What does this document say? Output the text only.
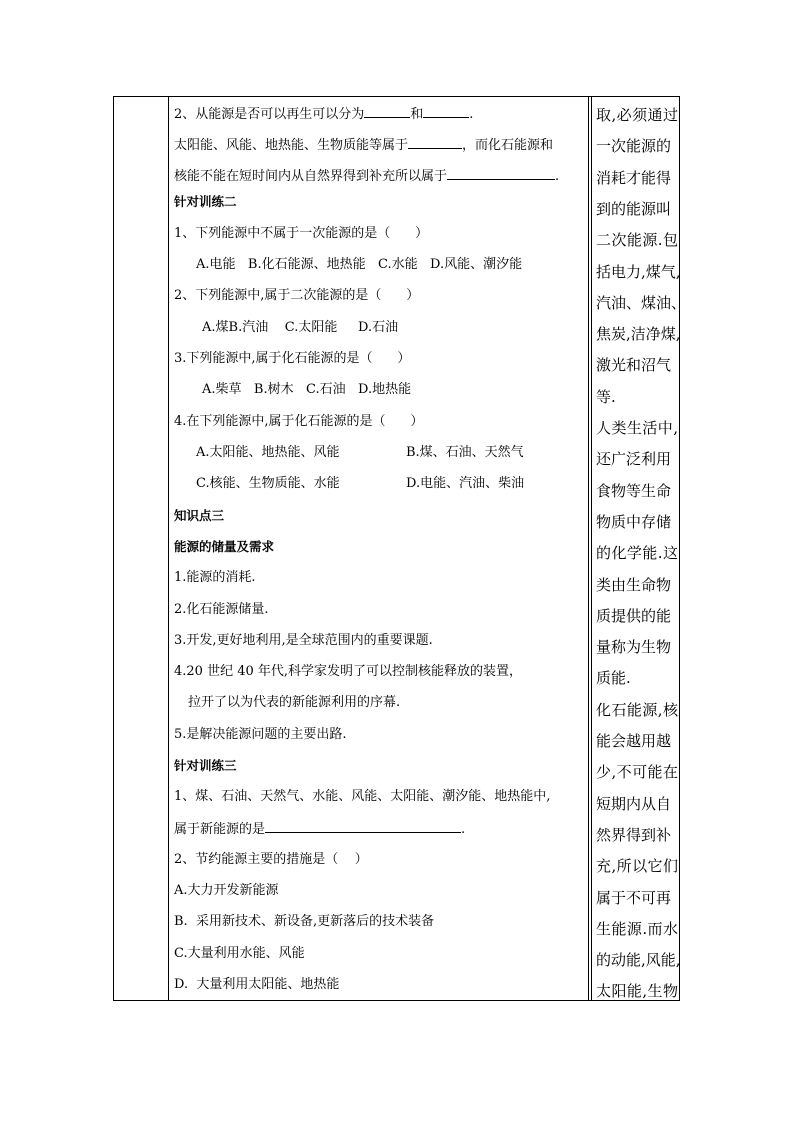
2、从能源是否可以再生可以分为	和	.
太阳能、风能、地热能、生物质能等属于	，而化石能源和
核能不能在短时间内从自然界得到补充所以属于	.
针对训练二
1、下列能源中不属于一次能源的是（      ）
A.电能   B.化石能源、地热能   C.水能   D.风能、潮汐能
2、下列能源中,属于二次能源的是（      ）
A.煤B.汽油    C.太阳能     D.石油
3.下列能源中,属于化石能源的是（      ）
A.柴草   B.树木   C.石油   D.地热能
4.在下列能源中,属于化石能源的是（      ）
A.太阳能、地热能、风能	B.煤、石油、天然气
C.核能、生物质能、水能	D.电能、汽油、柴油
知识点三
能源的储量及需求
1.能源的消耗.
2.化石能源储量.
3.开发,更好地利用,是全球范围内的重要课题.
4.20 世纪 40 年代,科学家发明了可以控制核能释放的装置，
拉开了以为代表的新能源利用的序幕.
5.是解决能源问题的主要出路.
针对训练三
1、煤、石油、天然气、水能、风能、太阳能、潮汐能、地热能中,
属于新能源的是	.
2、节约能源主要的措施是（    ）
A.大力开发新能源
B.  采用新技术、新设备,更新落后的技术装备
C.大量利用水能、风能
D.  大量利用太阳能、地热能
取,必须通过
一次能源的
消耗才能得
到的能源叫
二次能源.包
括电力,煤气,
汽油、煤油、
焦炭,洁净煤,
激光和沼气
等.
人类生活中,
还广泛利用
食物等生命
物质中存储
的化学能.这
类由生命物
质提供的能
量称为生物
质能.
化石能源,核
能会越用越
少,不可能在
短期内从自
然界得到补
充,所以它们
属于不可再
生能源.而水
的动能,风能,
太阳能,生物
